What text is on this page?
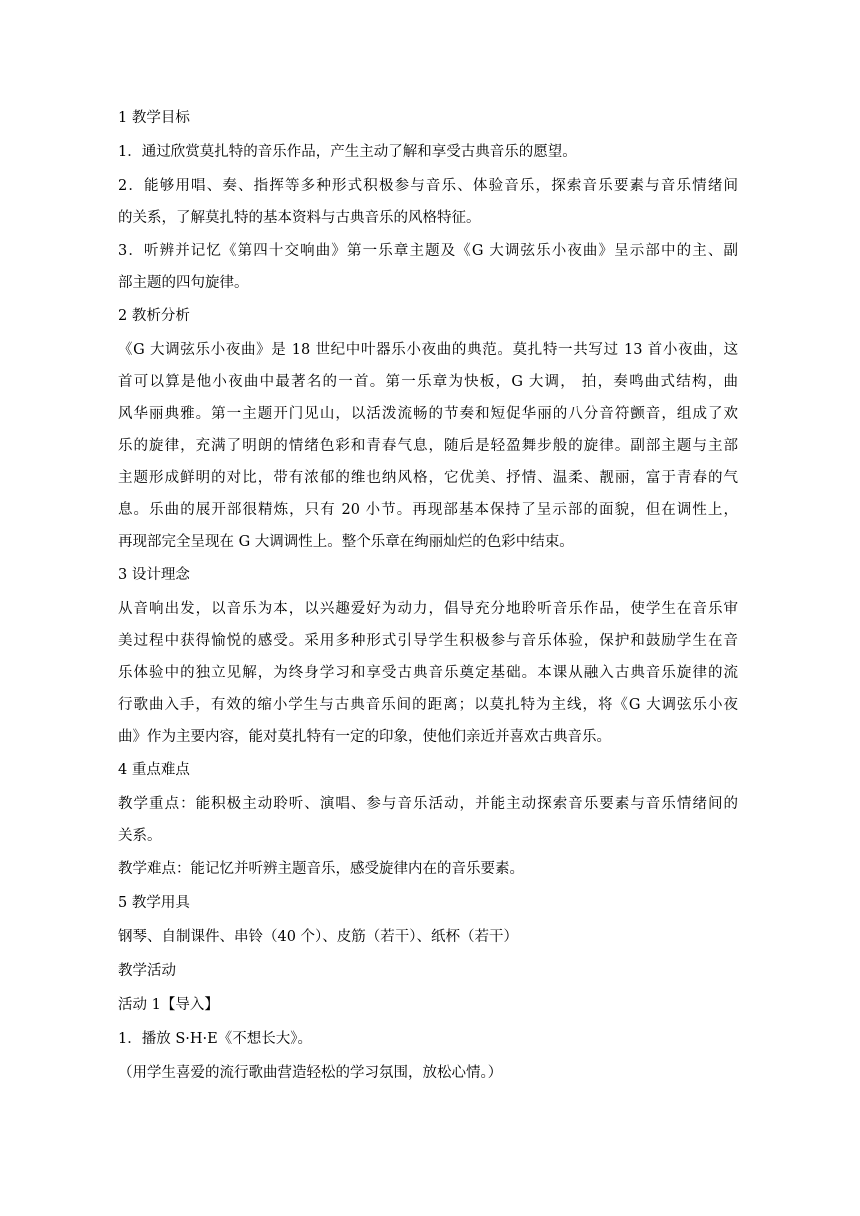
1 教学目标
1．通过欣赏莫扎特的音乐作品，产生主动了解和享受古典音乐的愿望。
2．能够用唱、奏、指挥等多种形式积极参与音乐、体验音乐，探索音乐要素与音乐情绪间
的关系，了解莫扎特的基本资料与古典音乐的风格特征。
3．听辨并记忆《第四十交响曲》第一乐章主题及《G 大调弦乐小夜曲》呈示部中的主、副
部主题的四句旋律。
2 教析分析
《G 大调弦乐小夜曲》是 18 世纪中叶器乐小夜曲的典范。莫扎特一共写过 13 首小夜曲，这
首可以算是他小夜曲中最著名的一首。第一乐章为快板，G 大调， 拍，奏鸣曲式结构，曲
风华丽典雅。第一主题开门见山，以活泼流畅的节奏和短促华丽的八分音符颤音，组成了欢
乐的旋律，充满了明朗的情绪色彩和青春气息，随后是轻盈舞步般的旋律。副部主题与主部
主题形成鲜明的对比，带有浓郁的维也纳风格，它优美、抒情、温柔、靓丽，富于青春的气
息。乐曲的展开部很精炼，只有 20 小节。再现部基本保持了呈示部的面貌，但在调性上，
再现部完全呈现在 G 大调调性上。整个乐章在绚丽灿烂的色彩中结束。
3 设计理念
从音响出发，以音乐为本，以兴趣爱好为动力，倡导充分地聆听音乐作品，使学生在音乐审
美过程中获得愉悦的感受。采用多种形式引导学生积极参与音乐体验，保护和鼓励学生在音
乐体验中的独立见解，为终身学习和享受古典音乐奠定基础。本课从融入古典音乐旋律的流
行歌曲入手，有效的缩小学生与古典音乐间的距离；以莫扎特为主线，将《G 大调弦乐小夜
曲》作为主要内容，能对莫扎特有一定的印象，使他们亲近并喜欢古典音乐。
4 重点难点
教学重点：能积极主动聆听、演唱、参与音乐活动，并能主动探索音乐要素与音乐情绪间的
关系。
教学难点：能记忆并听辨主题音乐，感受旋律内在的音乐要素。
5 教学用具
钢琴、自制课件、串铃（40 个）、皮筋（若干）、纸杯（若干）
教学活动
活动 1【导入】
1．播放 S·H·E《不想长大》。
（用学生喜爱的流行歌曲营造轻松的学习氛围，放松心情。）
